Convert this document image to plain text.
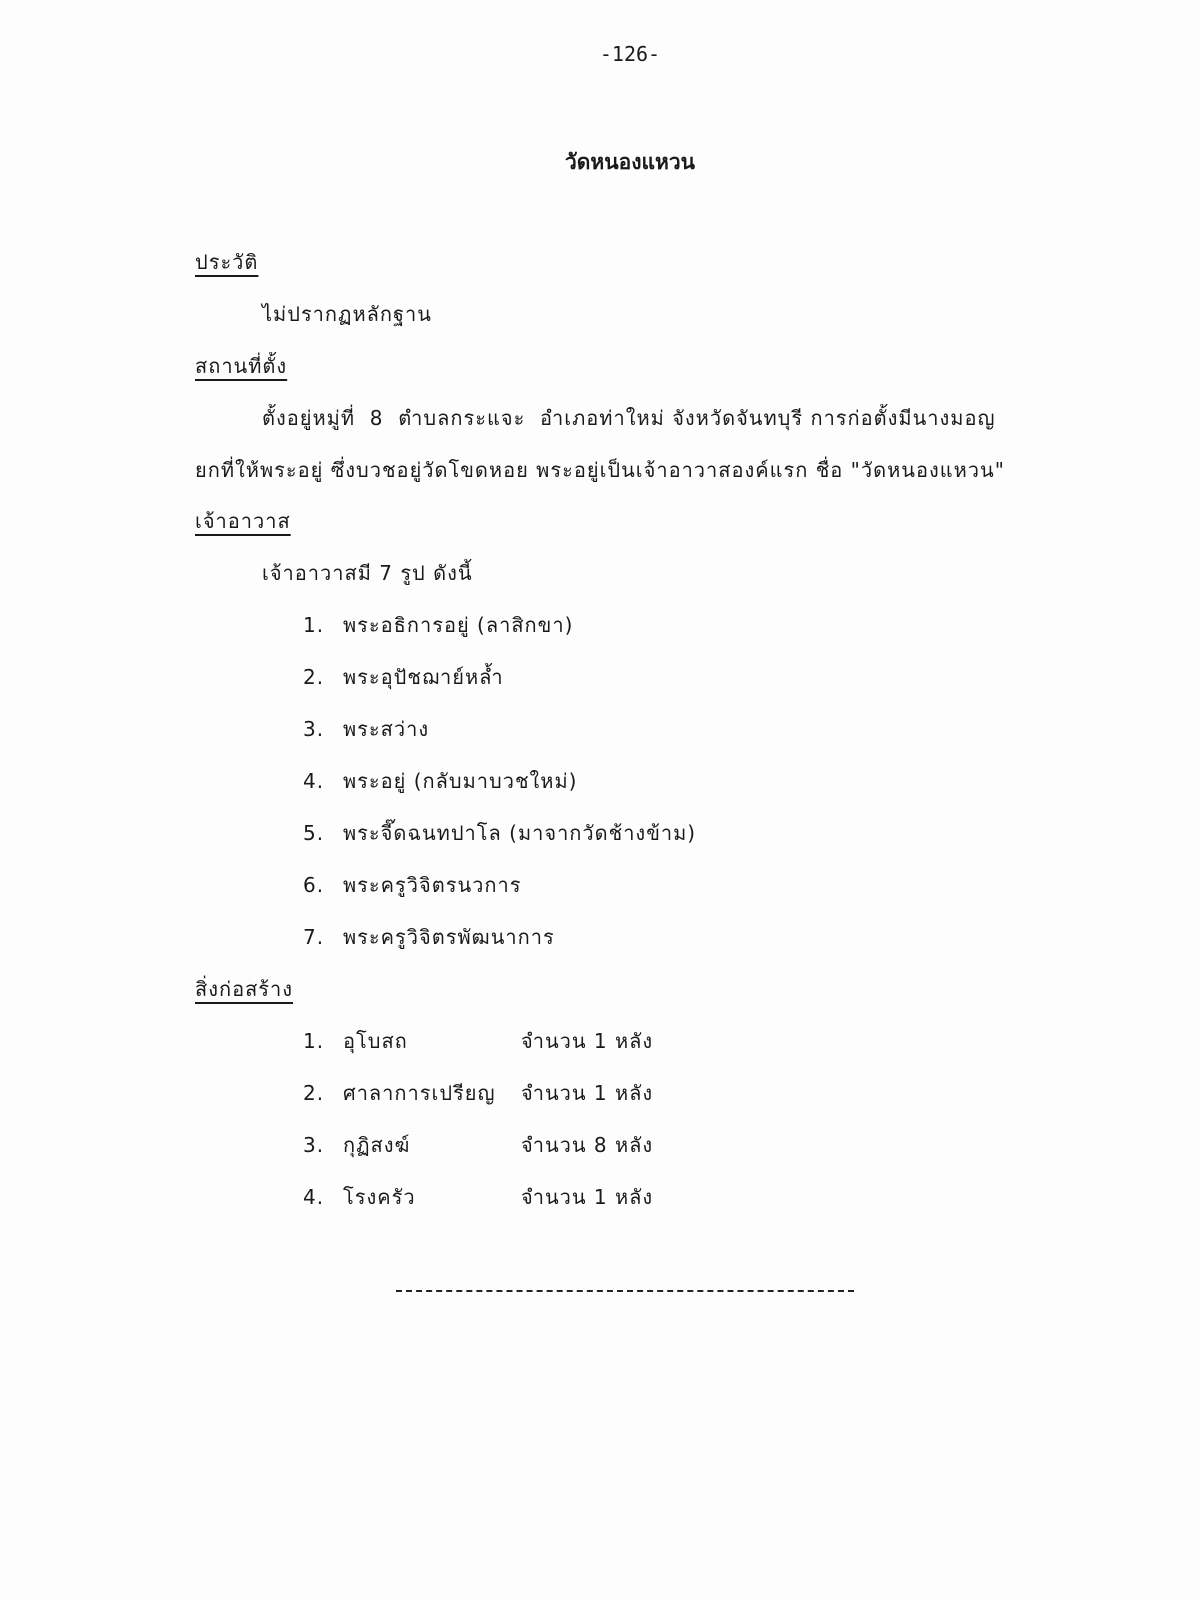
-126-
วัดหนองแหวน
ประวัติ
ไม่ปรากฏหลักฐาน
สถานที่ตั้ง
ตั้งอยู่หมู่ที่  8  ตำบลกระแจะ  อำเภอท่าใหม่ จังหวัดจันทบุรี การก่อตั้งมีนางมอญ
ยกที่ให้พระอยู่ ซึ่งบวชอยู่วัดโขดหอย พระอยู่เป็นเจ้าอาวาสองค์แรก ชื่อ "วัดหนองแหวน"
เจ้าอาวาส
เจ้าอาวาสมี 7 รูป ดังนี้
1. พระอธิการอยู่ (ลาสิกขา)
2. พระอุปัชฌาย์หล้ำ
3. พระสว่าง
4. พระอยู่ (กลับมาบวชใหม่)
5. พระจี๊ดฉนทปาโล (มาจากวัดช้างข้าม)
6. พระครูวิจิตรนวการ
7. พระครูวิจิตรพัฒนาการ
สิ่งก่อสร้าง
1. อุโบสถ	จำนวน 1 หลัง
2. ศาลาการเปรียญ จำนวน 1 หลัง
3. กุฏิสงฆ์	จำนวน 8 หลัง
4. โรงครัว	จำนวน 1 หลัง
